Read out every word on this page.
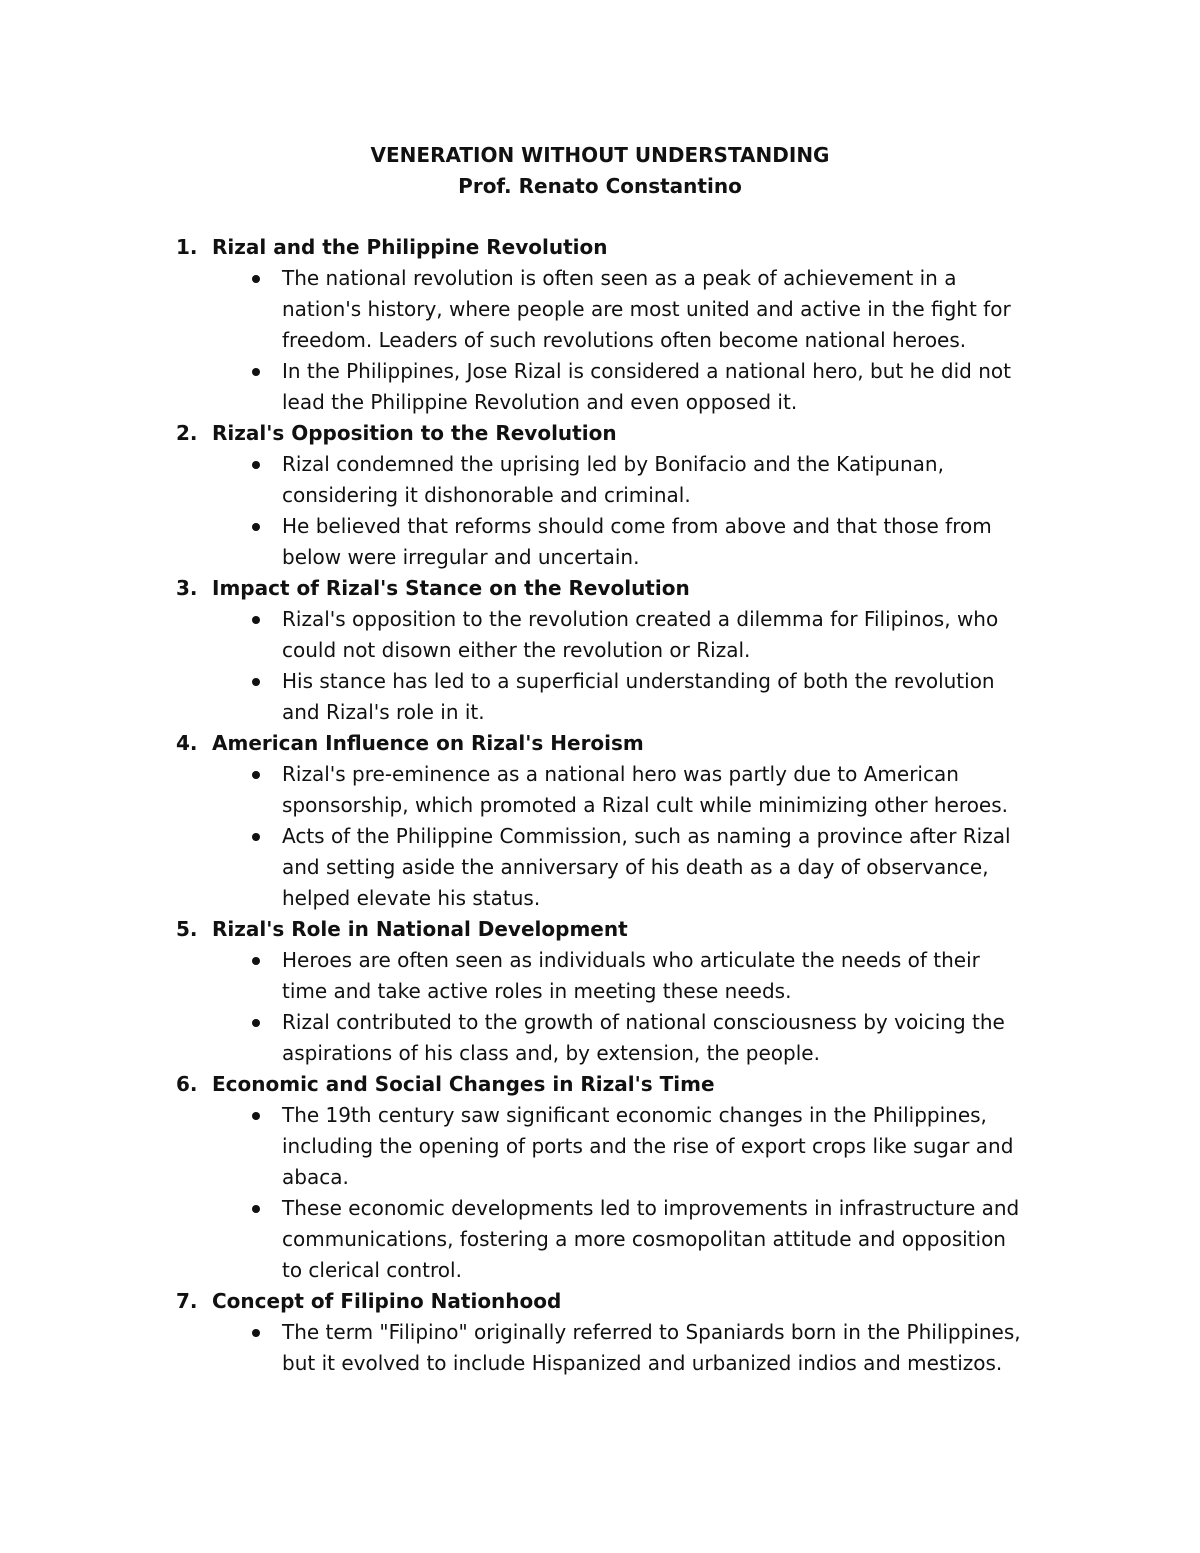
VENERATION WITHOUT UNDERSTANDING

Prof. Renato Constantino

1. Rizal and the Philippine Revolution
The national revolution is often seen as a peak of achievement in a
nation's history, where people are most united and active in the fight for
freedom. Leaders of such revolutions often become national heroes.
In the Philippines, Jose Rizal is considered a national hero, but he did not
lead the Philippine Revolution and even opposed it.
2. Rizal's Opposition to the Revolution
Rizal condemned the uprising led by Bonifacio and the Katipunan,
considering it dishonorable and criminal.
He believed that reforms should come from above and that those from
below were irregular and uncertain.
3. Impact of Rizal's Stance on the Revolution
Rizal's opposition to the revolution created a dilemma for Filipinos, who
could not disown either the revolution or Rizal.
His stance has led to a superficial understanding of both the revolution
and Rizal's role in it.
4. American Influence on Rizal's Heroism
Rizal's pre-eminence as a national hero was partly due to American
sponsorship, which promoted a Rizal cult while minimizing other heroes.
Acts of the Philippine Commission, such as naming a province after Rizal
and setting aside the anniversary of his death as a day of observance,
helped elevate his status.
5. Rizal's Role in National Development
Heroes are often seen as individuals who articulate the needs of their
time and take active roles in meeting these needs.
Rizal contributed to the growth of national consciousness by voicing the
aspirations of his class and, by extension, the people.
6. Economic and Social Changes in Rizal's Time
The 19th century saw significant economic changes in the Philippines,
including the opening of ports and the rise of export crops like sugar and
abaca.
These economic developments led to improvements in infrastructure and
communications, fostering a more cosmopolitan attitude and opposition
to clerical control.
7. Concept of Filipino Nationhood
The term "Filipino" originally referred to Spaniards born in the Philippines,
but it evolved to include Hispanized and urbanized indios and mestizos.
